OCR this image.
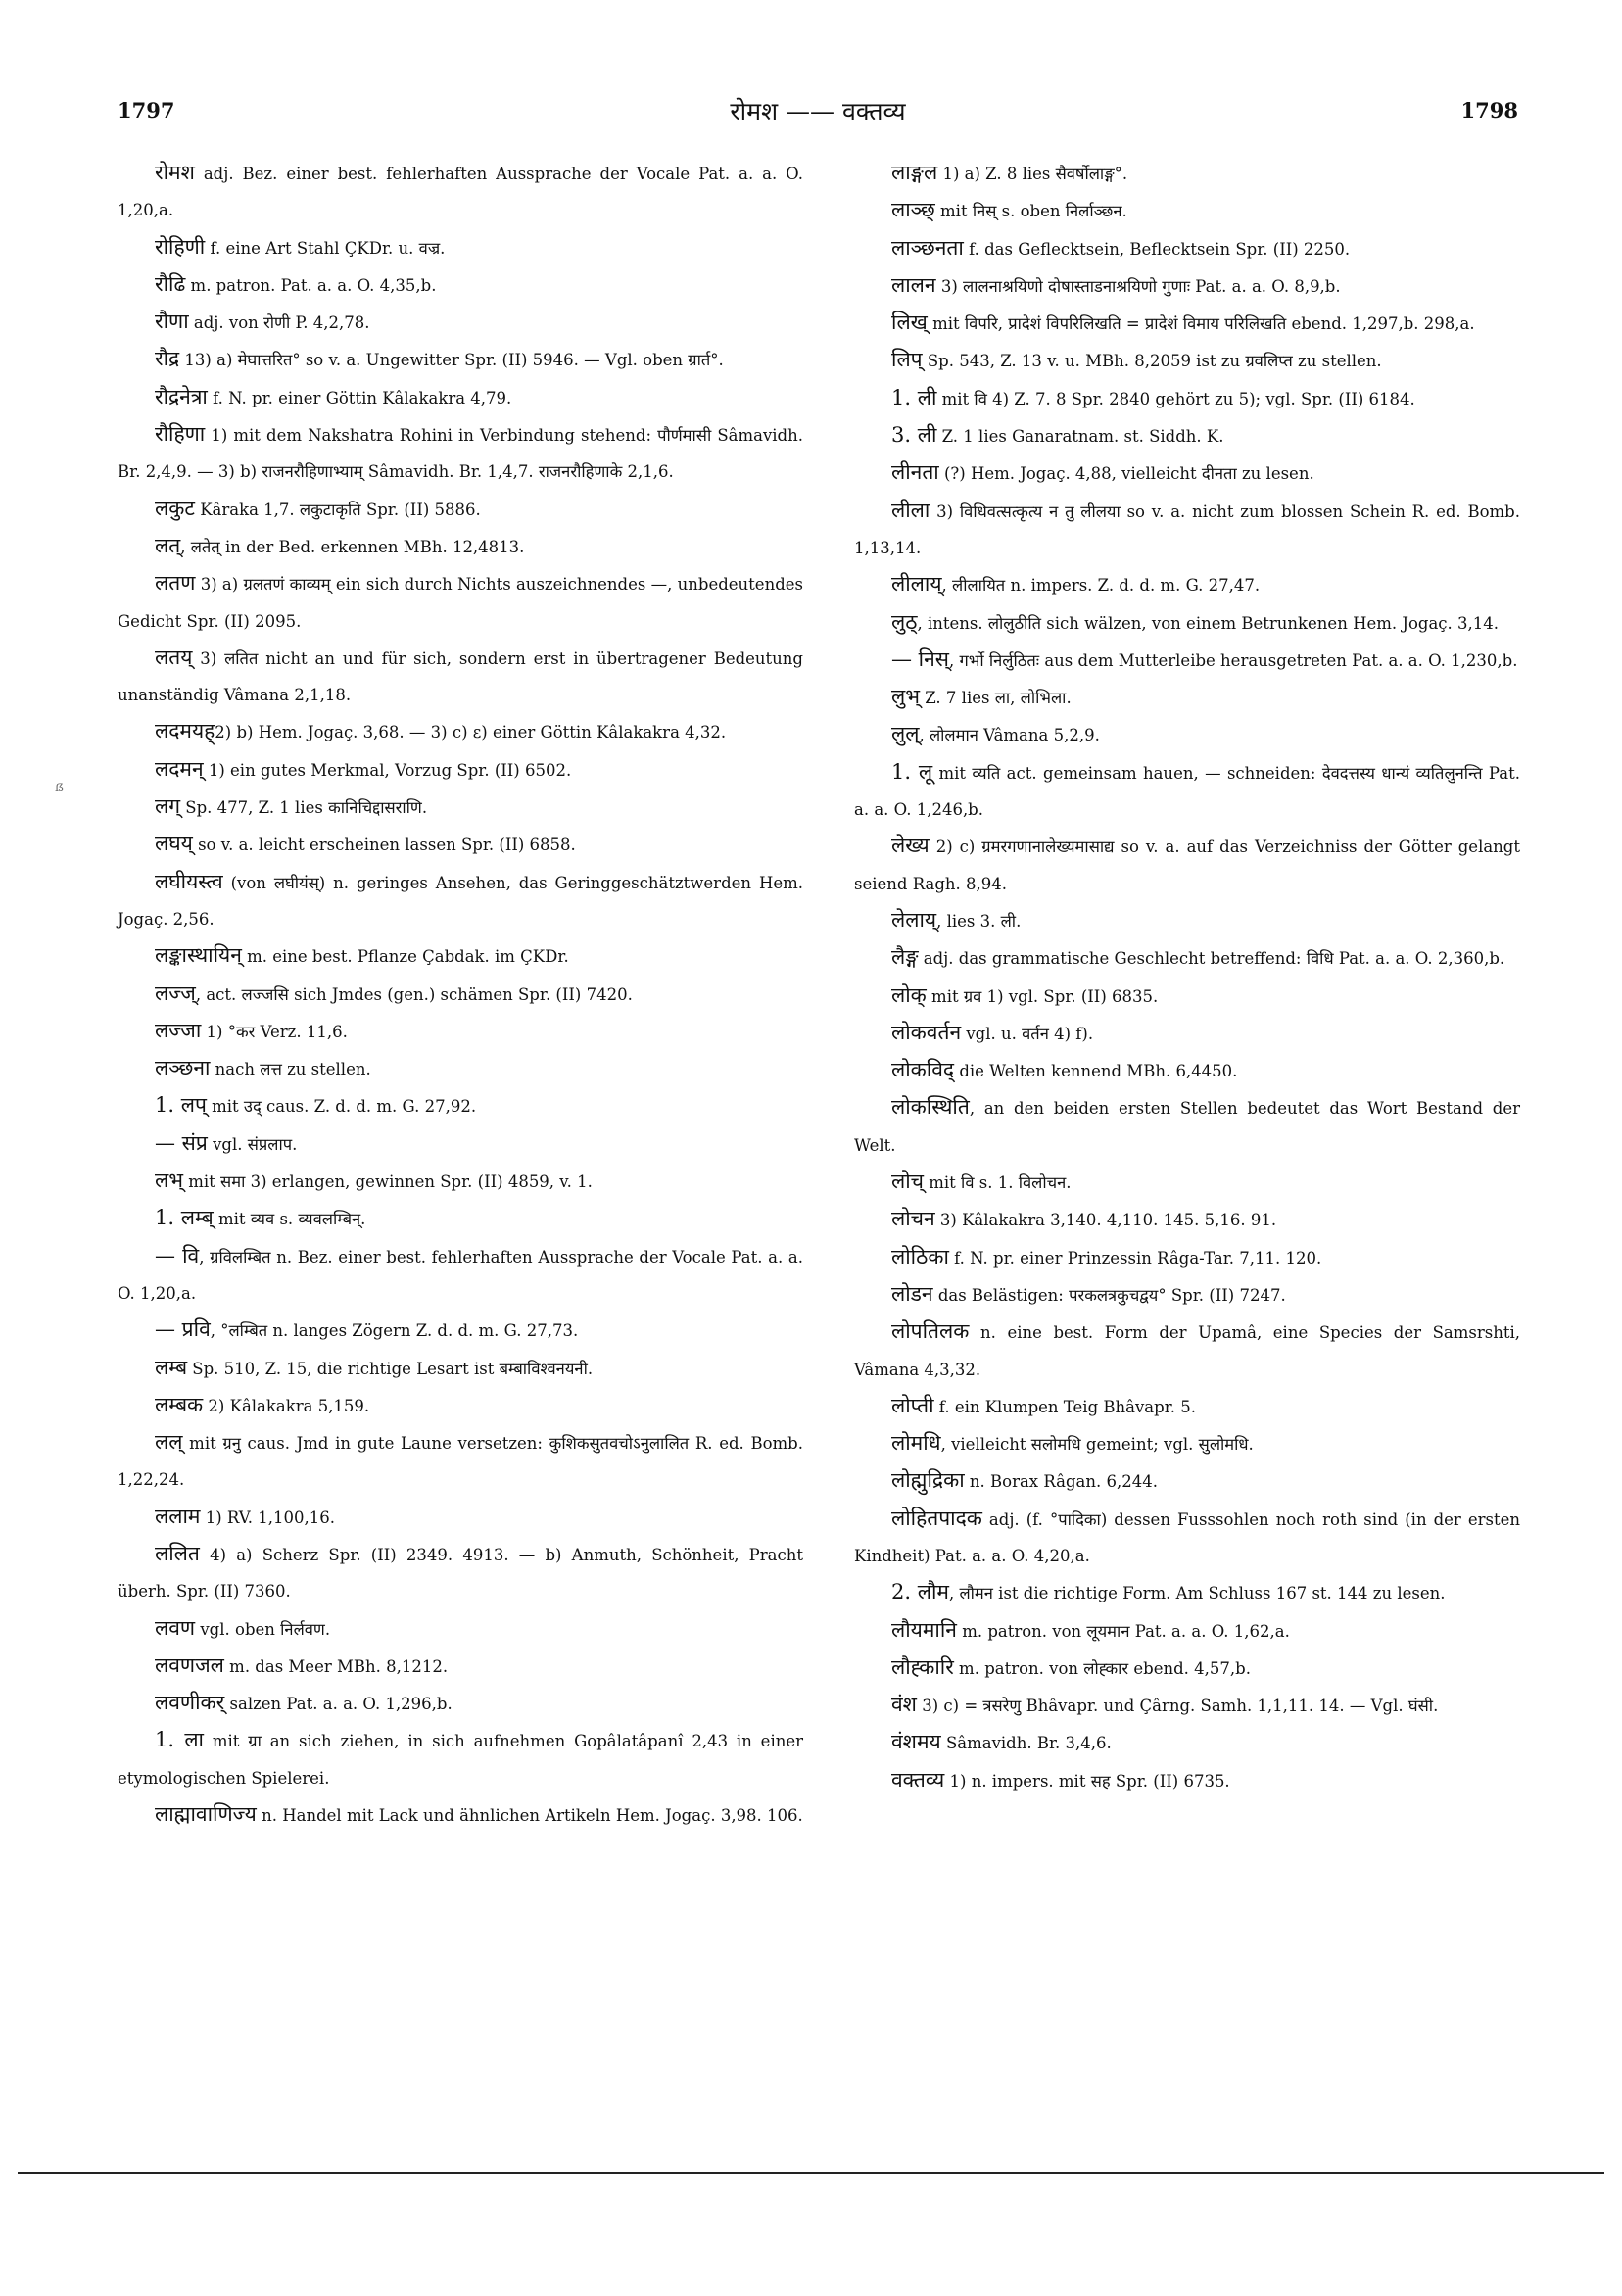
1797	रोमश —— वक्तव्य	1798
ẞ

रोमश adj. Bez. einer best. fehlerhaften Aussprache der Vocale Pat. a. a. O. 1,20,a.

रोहिणी f. eine Art Stahl ÇKDr. u. वज्र.

रौढि m. patron. Pat. a. a. O. 4,35,b.

रौणा adj. von रोणी P. 4,2,78.

रौद्र 13) a) मेघात्तरित° so v. a. Ungewitter Spr. (II) 5946. — Vgl. oben ग्रार्त°.

रौद्रनेत्रा f. N. pr. einer Göttin Kâlakakra 4,79.

रौहिणा 1) mit dem Nakshatra Rohini in Verbindung stehend: पौर्णमासी Sâmavidh. Br. 2,4,9. — 3) b) राजनरौहिणाभ्याम् Sâmavidh. Br. 1,4,7. राजनरौहिणाके 2,1,6.

लकुट Kâraka 1,7. लकुटाकृति Spr. (II) 5886.

लत्, लतेत् in der Bed. erkennen MBh. 12,4813.

लतण 3) a) ग्रलतणं काव्यम् ein sich durch Nichts auszeichnendes —, unbedeutendes Gedicht Spr. (II) 2095.

लतय् 3) लतित nicht an und für sich, sondern erst in übertragener Bedeutung unanständig Vâmana 2,1,18.

लदमयह्2) b) Hem. Jogaç. 3,68. — 3) c) ε) einer Göttin Kâlakakra 4,32.

लदमन् 1) ein gutes Merkmal, Vorzug Spr. (II) 6502.

लग् Sp. 477, Z. 1 lies कानिचिद्दासराणि.

लघय् so v. a. leicht erscheinen lassen Spr. (II) 6858.

लघीयस्त्व (von लघीयंस्) n. geringes Ansehen, das Geringgeschätztwerden Hem. Jogaç. 2,56.

लङ्कास्थायिन् m. eine best. Pflanze Çabdak. im ÇKDr.

लज्ज्, act. लज्जसि sich Jmdes (gen.) schämen Spr. (II) 7420.

लज्जा 1) °कर Verz. 11,6.

लञ्छना nach लत्त zu stellen.

1. लप् mit उद् caus. Z. d. d. m. G. 27,92.

— संप्र vgl. संप्रलाप.

लभ् mit समा 3) erlangen, gewinnen Spr. (II) 4859, v. 1.

1. लम्ब् mit व्यव s. व्यवलम्बिन्.

— वि, ग्रविलम्बित n. Bez. einer best. fehlerhaften Aussprache der Vocale Pat. a. a. O. 1,20,a.

— प्रवि, °लम्बित n. langes Zögern Z. d. d. m. G. 27,73.

लम्ब Sp. 510, Z. 15, die richtige Lesart ist बम्बाविश्वनयनी.

लम्बक 2) Kâlakakra 5,159.

लल् mit ग्रनु caus. Jmd in gute Laune versetzen: कुशिकसुतवचोऽनुलालित R. ed. Bomb. 1,22,24.

ललाम 1) RV. 1,100,16.

ललित 4) a) Scherz Spr. (II) 2349. 4913. — b) Anmuth, Schönheit, Pracht überh. Spr. (II) 7360.

लवण vgl. oben निर्लवण.

लवणजल m. das Meer MBh. 8,1212.

लवणीकर् salzen Pat. a. a. O. 1,296,b.

1. ला mit ग्रा an sich ziehen, in sich aufnehmen Gopâlatâpanî 2,43 in einer etymologischen Spielerei.

लाह्मावाणिज्य n. Handel mit Lack und ähnlichen Artikeln Hem. Jogaç. 3,98. 106.

लाङ्गल 1) a) Z. 8 lies सैवर्षोलाङ्ग°.

लाञ्छ् mit निस् s. oben निर्लाञ्छन.

लाञ्छनता f. das Geflecktsein, Beflecktsein Spr. (II) 2250.

लालन 3) लालनाश्रयिणो दोषास्ताडनाश्रयिणो गुणाः Pat. a. a. O. 8,9,b.

लिख् mit विपरि, प्रादेशं विपरिलिखति = प्रादेशं विमाय परिलिखति ebend. 1,297,b. 298,a.

लिप् Sp. 543, Z. 13 v. u. MBh. 8,2059 ist zu ग्रवलिप्त zu stellen.

1. ली mit वि 4) Z. 7. 8 Spr. 2840 gehört zu 5); vgl. Spr. (II) 6184.

3. ली Z. 1 lies Ganaratnam. st. Siddh. K.

लीनता (?) Hem. Jogaç. 4,88, vielleicht दीनता zu lesen.

लीला 3) विधिवत्सत्कृत्य न तु लीलया so v. a. nicht zum blossen Schein R. ed. Bomb. 1,13,14.

लीलाय्, लीलायित n. impers. Z. d. d. m. G. 27,47.

लुठ्, intens. लोलुठीति sich wälzen, von einem Betrunkenen Hem. Jogaç. 3,14.

— निस्, गर्भो निर्लुठितः aus dem Mutterleibe herausgetreten Pat. a. a. O. 1,230,b.

लुभ् Z. 7 lies ला, लोभिला.

लुल्, लोलमान Vâmana 5,2,9.

1. लू mit व्यति act. gemeinsam hauen, — schneiden: देवदत्तस्य धान्यं व्यतिलुनन्ति Pat. a. a. O. 1,246,b.

लेख्य 2) c) ग्रमरगणानालेख्यमासाद्य so v. a. auf das Verzeichniss der Götter gelangt seiend Ragh. 8,94.

लेलाय्, lies 3. ली.

लैङ्ग adj. das grammatische Geschlecht betreffend: विधि Pat. a. a. O. 2,360,b.

लोक् mit ग्रव 1) vgl. Spr. (II) 6835.

लोकवर्तन vgl. u. वर्तन 4) f).

लोकविद् die Welten kennend MBh. 6,4450.

लोकस्थिति, an den beiden ersten Stellen bedeutet das Wort Bestand der Welt.

लोच् mit वि s. 1. विलोचन.

लोचन 3) Kâlakakra 3,140. 4,110. 145. 5,16. 91.

लोठिका f. N. pr. einer Prinzessin Râga-Tar. 7,11. 120.

लोडन das Belästigen: परकलत्रकुचद्वय° Spr. (II) 7247.

लोपतिलक n. eine best. Form der Upamâ, eine Species der Samsrshti, Vâmana 4,3,32.

लोप्ती f. ein Klumpen Teig Bhâvapr. 5.

लोमधि, vielleicht सलोमधि gemeint; vgl. सुलोमधि.

लोह्मुद्रिका n. Borax Râgan. 6,244.

लोहितपादक adj. (f. °पादिका) dessen Fusssohlen noch roth sind (in der ersten Kindheit) Pat. a. a. O. 4,20,a.

2. लौम, लौमन ist die richtige Form. Am Schluss 167 st. 144 zu lesen.

लौयमानि m. patron. von लूयमान Pat. a. a. O. 1,62,a.

लौह्कारि m. patron. von लोह्कार ebend. 4,57,b.

वंश 3) c) = त्रसरेणु Bhâvapr. und Çârng. Samh. 1,1,11. 14. — Vgl. घंसी.

वंशमय Sâmavidh. Br. 3,4,6.

वक्तव्य 1) n. impers. mit सह Spr. (II) 6735.
